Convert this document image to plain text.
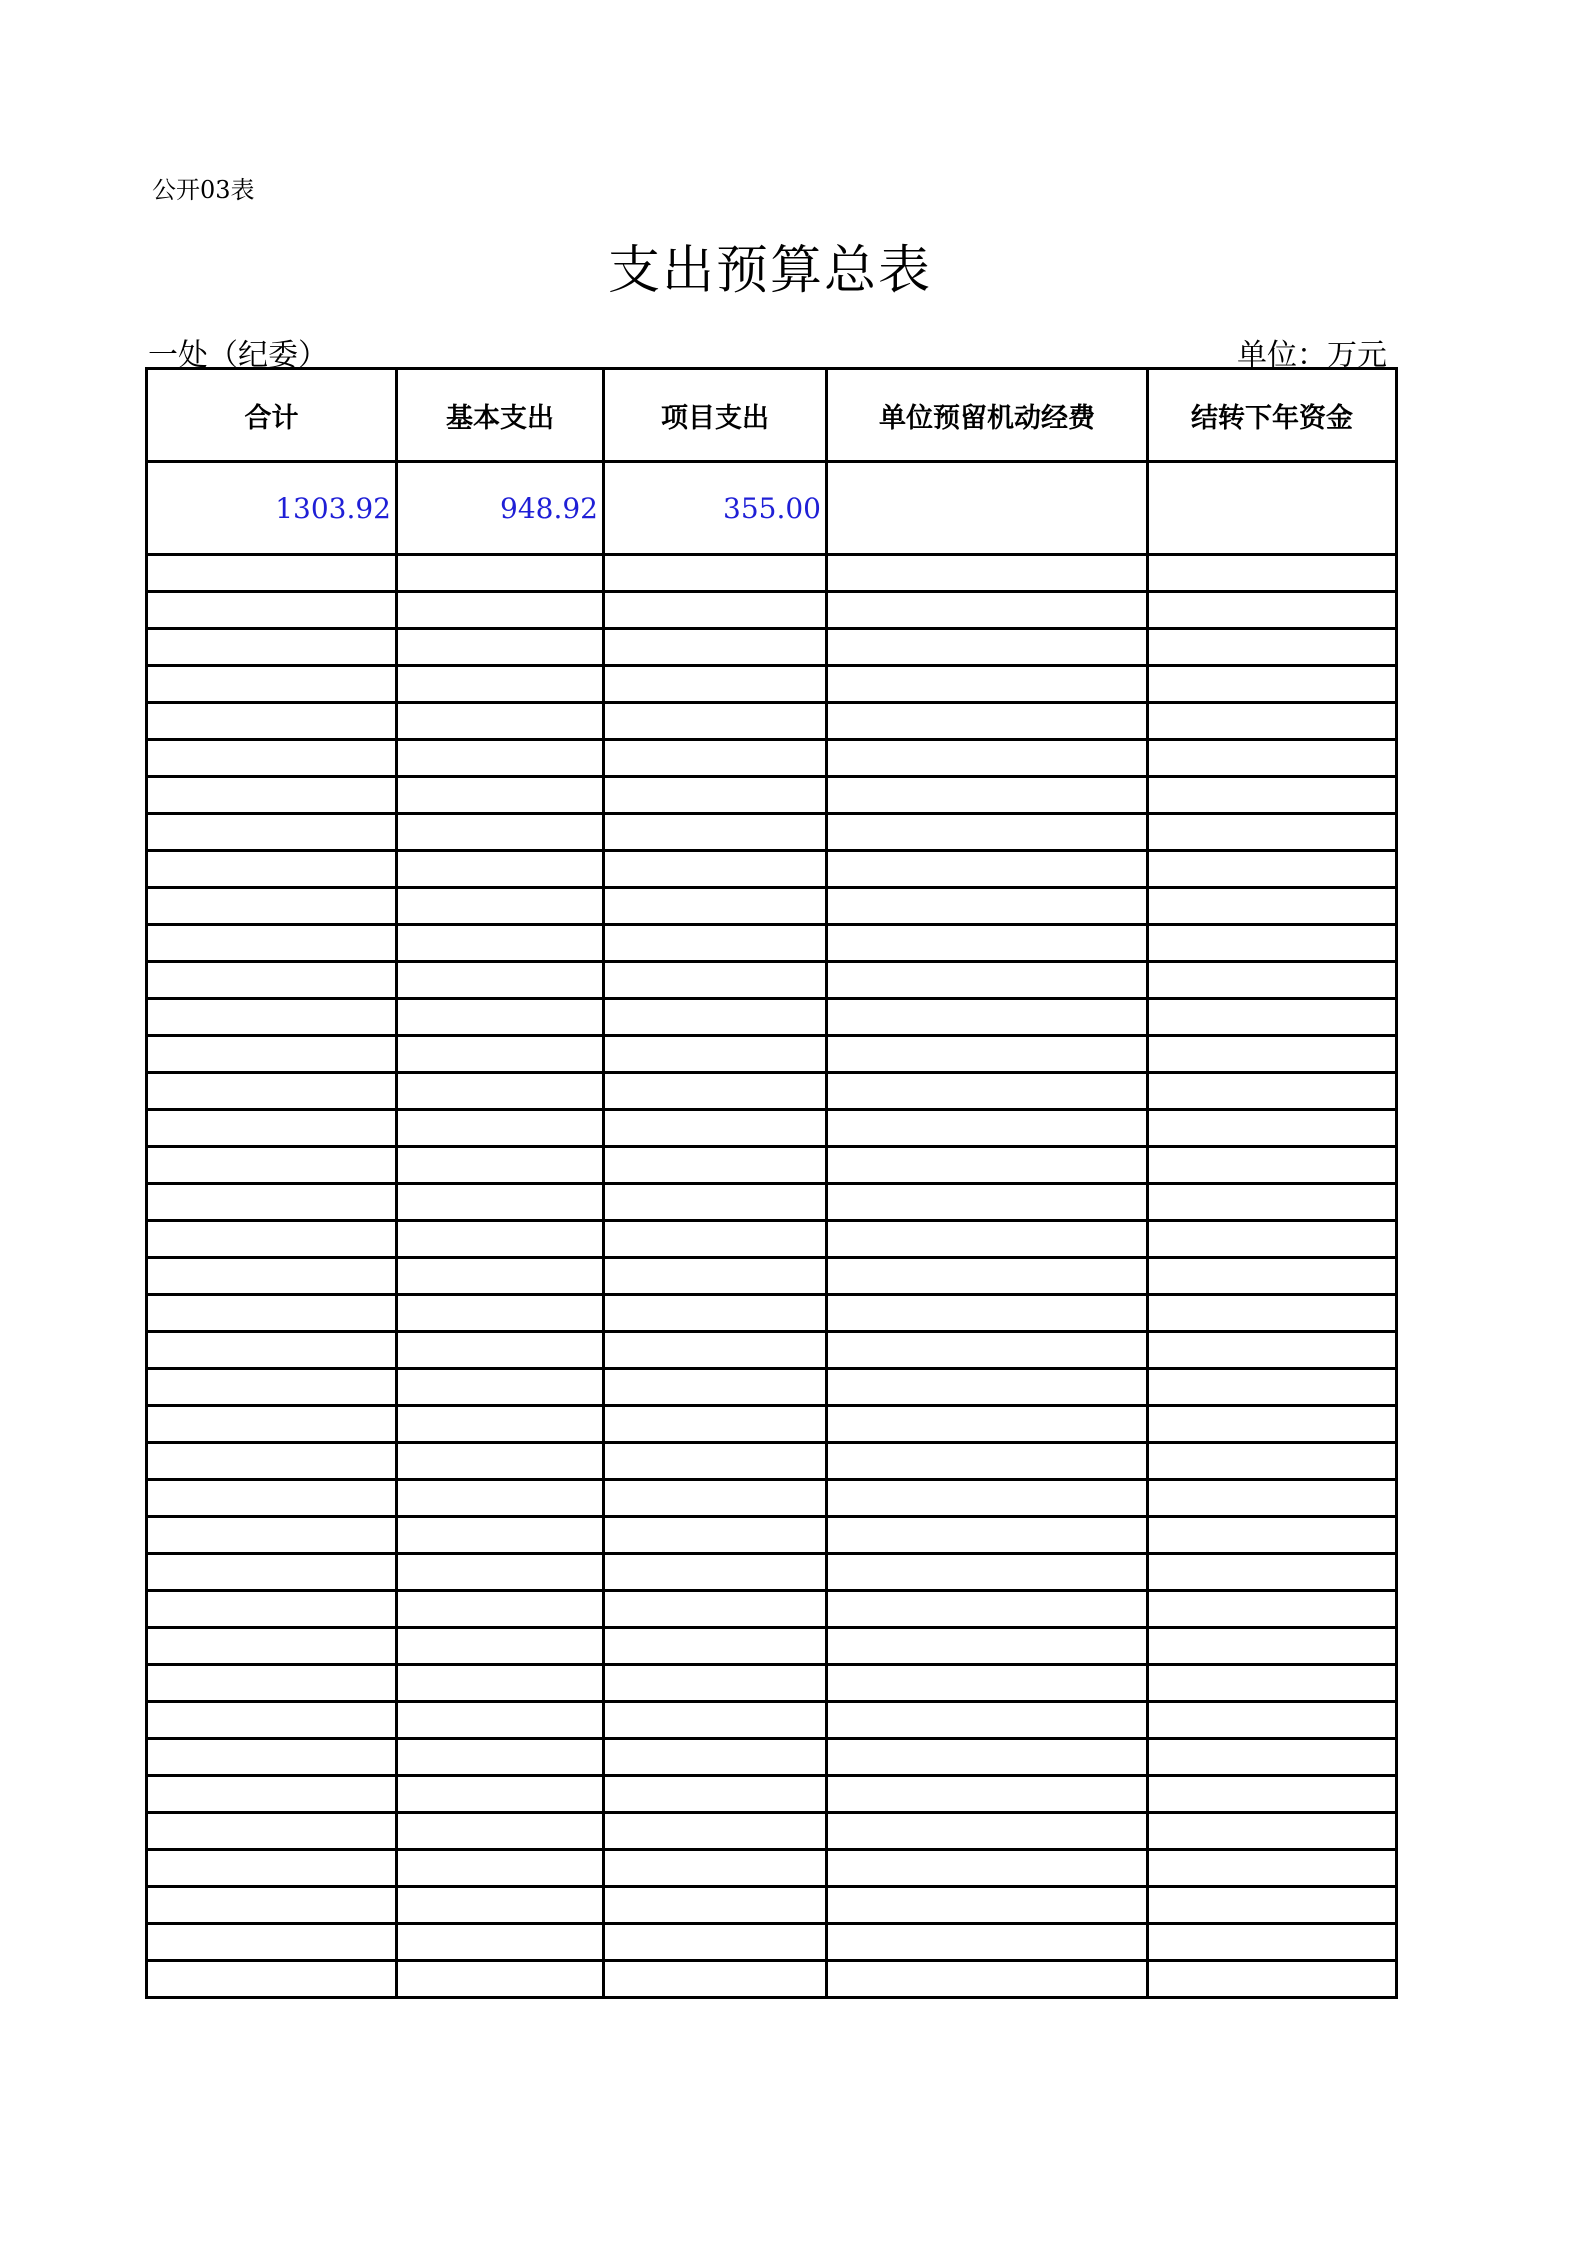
公开03表
支出预算总表
一处（纪委）	单位：万元
合计	基本支出	项目支出	单位预留机动经费	结转下年资金
1303.92	948.92	355.00		
